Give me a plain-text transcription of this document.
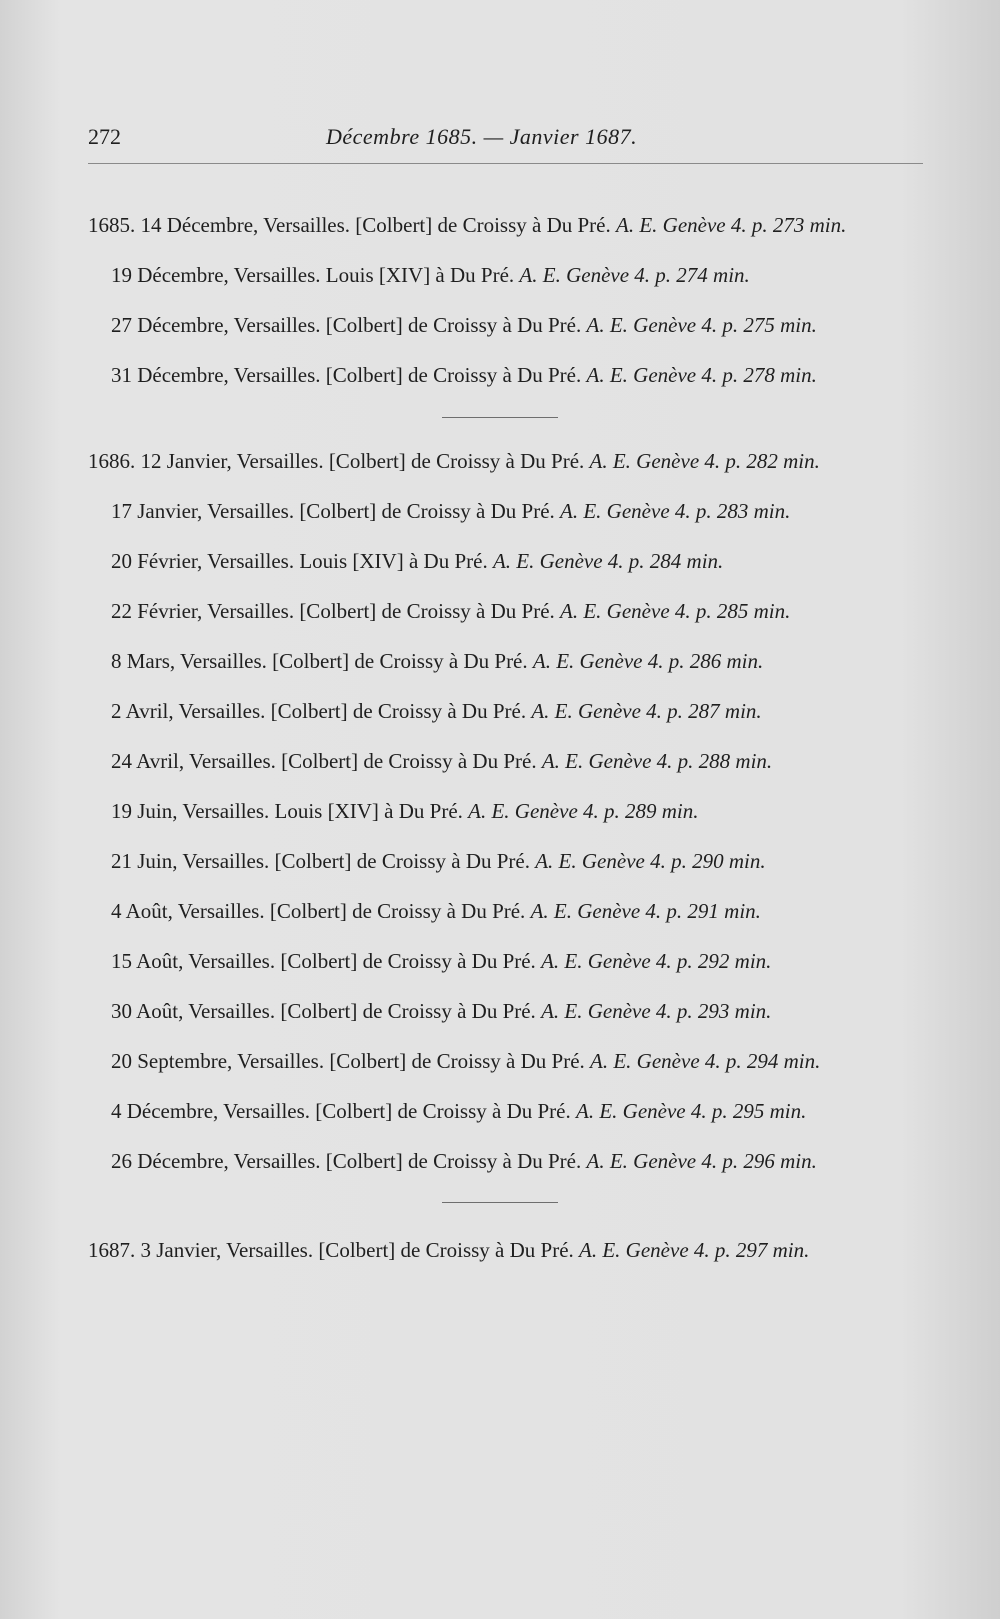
272	Décembre 1685. — Janvier 1687.

1685. 14 Décembre, Versailles. [Colbert] de Croissy à Du Pré. A. E. Genève 4. p. 273 min.

19 Décembre, Versailles. Louis [XIV] à Du Pré. A. E. Genève 4. p. 274 min.

27 Décembre, Versailles. [Colbert] de Croissy à Du Pré. A. E. Genève 4. p. 275 min.

31 Décembre, Versailles. [Colbert] de Croissy à Du Pré. A. E. Genève 4. p. 278 min.

1686. 12 Janvier, Versailles. [Colbert] de Croissy à Du Pré. A. E. Genève 4. p. 282 min.

17 Janvier, Versailles. [Colbert] de Croissy à Du Pré. A. E. Genève 4. p. 283 min.

20 Février, Versailles. Louis [XIV] à Du Pré. A. E. Genève 4. p. 284 min.

22 Février, Versailles. [Colbert] de Croissy à Du Pré. A. E. Genève 4. p. 285 min.

8 Mars, Versailles. [Colbert] de Croissy à Du Pré. A. E. Genève 4. p. 286 min.

2 Avril, Versailles. [Colbert] de Croissy à Du Pré. A. E. Genève 4. p. 287 min.

24 Avril, Versailles. [Colbert] de Croissy à Du Pré. A. E. Genève 4. p. 288 min.

19 Juin, Versailles. Louis [XIV] à Du Pré. A. E. Genève 4. p. 289 min.

21 Juin, Versailles. [Colbert] de Croissy à Du Pré. A. E. Genève 4. p. 290 min.

4 Août, Versailles. [Colbert] de Croissy à Du Pré. A. E. Genève 4. p. 291 min.

15 Août, Versailles. [Colbert] de Croissy à Du Pré. A. E. Genève 4. p. 292 min.

30 Août, Versailles. [Colbert] de Croissy à Du Pré. A. E. Genève 4. p. 293 min.

20 Septembre, Versailles. [Colbert] de Croissy à Du Pré. A. E. Genève 4. p. 294 min.

4 Décembre, Versailles. [Colbert] de Croissy à Du Pré. A. E. Genève 4. p. 295 min.

26 Décembre, Versailles. [Colbert] de Croissy à Du Pré. A. E. Genève 4. p. 296 min.

1687. 3 Janvier, Versailles. [Colbert] de Croissy à Du Pré. A. E. Genève 4. p. 297 min.
